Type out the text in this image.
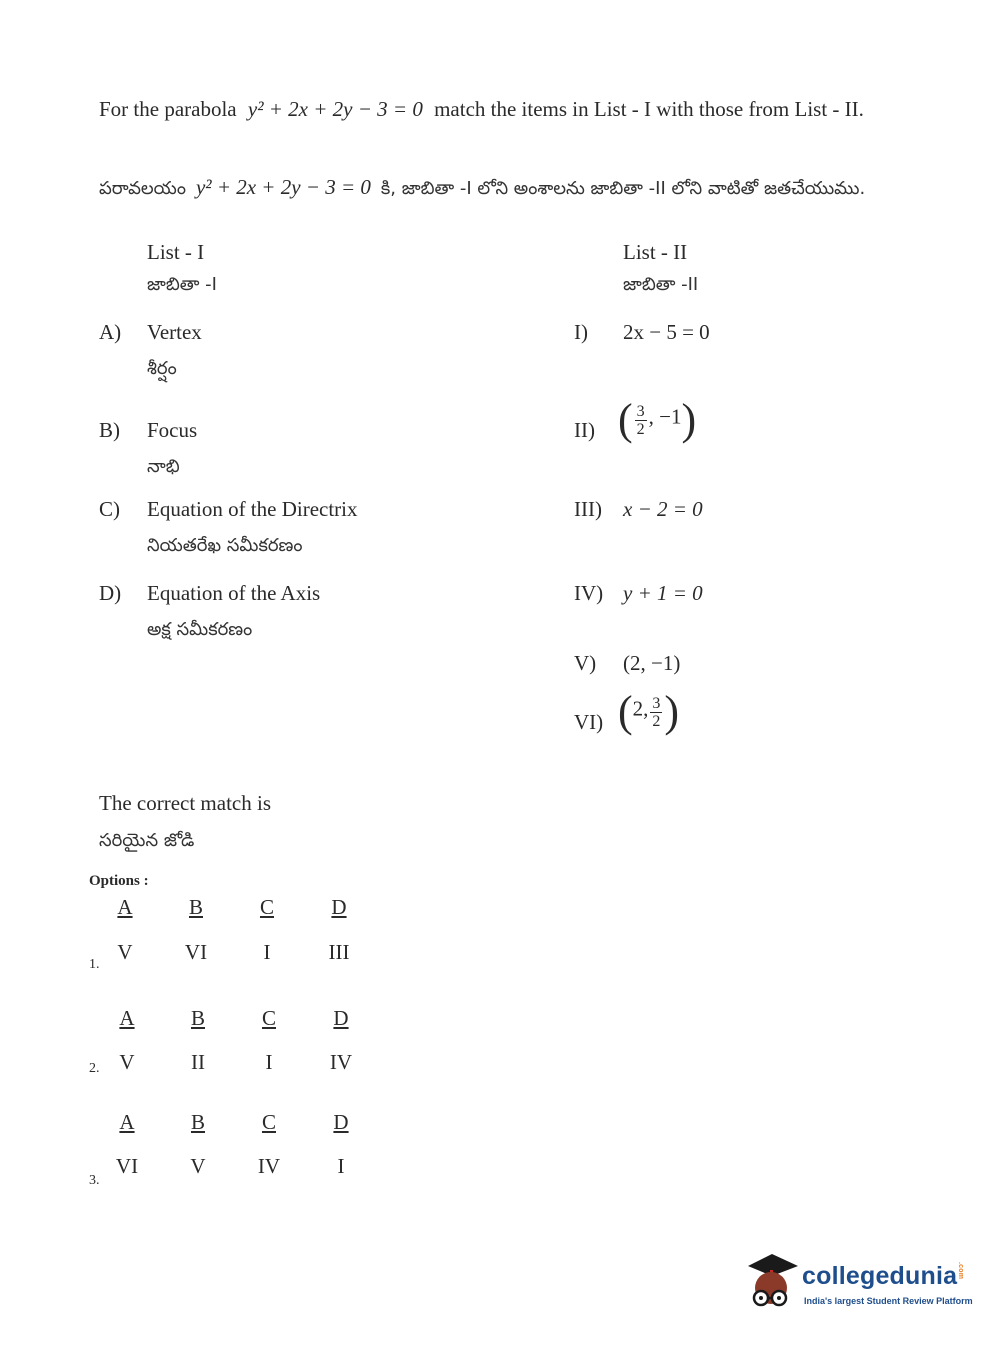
For the parabola y² + 2x + 2y − 3 = 0 match the items in List - I with those from List - II.
పరావలయం y² + 2x + 2y − 3 = 0 కి, జాబితా -I లోని అంశాలను జాబితా -II లోని వాటితో జతచేయుము.
List - I
జాబితా -I
List - II
జాబితా -II
A) Vertex
శీర్షం
B) Focus
నాభి
C) Equation of the Directrix
నియతరేఖ సమీకరణం
D) Equation of the Axis
అక్ష సమీకరణం
I) 2x − 5 = 0
II) ( $\frac{3}{2}$ , −1)
III) x − 2 = 0
IV) y + 1 = 0
V) (2, −1)
VI) (2, $\frac{3}{2}$ )
The correct match is
సరియైన జోడి
Options :
A	B	C	D
1.
V	VI	I	III
A	B	C	D
2. V	II	I	IV
A	B	C	D
3.
VI	V	IV	I
collegedunia.com
India's largest Student Review Platform
